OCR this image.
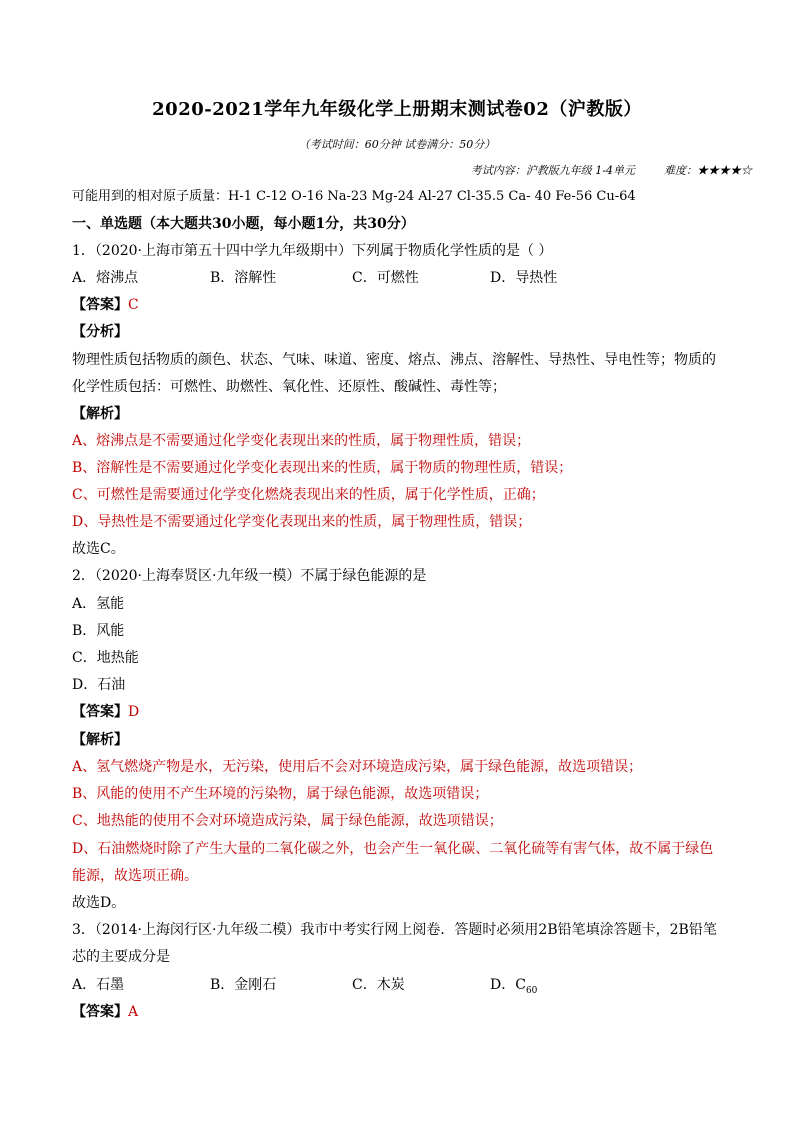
2020-2021学年九年级化学上册期末测试卷02（沪教版）
（考试时间：60分钟 试卷满分：50分）
考试内容：沪教版九年级 1-4单元	难度：★★★★☆
可能用到的相对原子质量：H-1 C-12 O-16 Na-23 Mg-24 Al-27 Cl-35.5 Ca- 40 Fe-56 Cu-64
一、单选题（本大题共30小题，每小题1分，共30分）
1．（2020·上海市第五十四中学九年级期中）下列属于物质化学性质的是（ ）
A．熔沸点	B．溶解性	C．可燃性	D．导热性
【答案】C
【分析】
物理性质包括物质的颜色、状态、气味、味道、密度、熔点、沸点、溶解性、导热性、导电性等；物质的
化学性质包括：可燃性、助燃性、氧化性、还原性、酸碱性、毒性等；
【解析】
A、熔沸点是不需要通过化学变化表现出来的性质，属于物理性质，错误；
B、溶解性是不需要通过化学变化表现出来的性质，属于物质的物理性质，错误；
C、可燃性是需要通过化学变化燃烧表现出来的性质，属于化学性质，正确；
D、导热性是不需要通过化学变化表现出来的性质，属于物理性质，错误；
故选C。
2．（2020·上海奉贤区·九年级一模）不属于绿色能源的是
A．氢能
B．风能
C．地热能
D．石油
【答案】D
【解析】
A、氢气燃烧产物是水，无污染，使用后不会对环境造成污染，属于绿色能源，故选项错误；
B、风能的使用不产生环境的污染物，属于绿色能源，故选项错误；
C、地热能的使用不会对环境造成污染，属于绿色能源，故选项错误；
D、石油燃烧时除了产生大量的二氧化碳之外，也会产生一氧化碳、二氧化硫等有害气体，故不属于绿色
能源，故选项正确。
故选D。
3．（2014·上海闵行区·九年级二模）我市中考实行网上阅卷．答题时必须用2B铅笔填涂答题卡，2B铅笔
芯的主要成分是
A．石墨	B．金刚石	C．木炭	D．$C_{60}$
【答案】A
